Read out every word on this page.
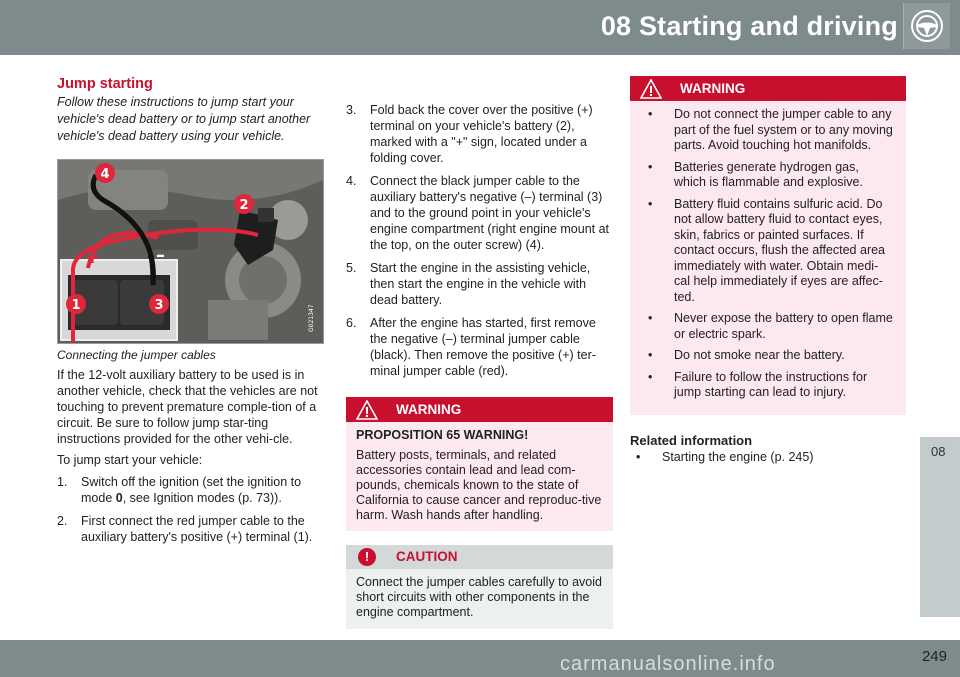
08 Starting and driving
Jump starting
Follow these instructions to jump start your vehicle's dead battery or to jump start another vehicle's dead battery using your vehicle.
+	–
G021347
4
2
1	3
Connecting the jumper cables

If the 12-volt auxiliary battery to be used is in another vehicle, check that the vehicles are not touching to prevent premature comple-tion of a circuit. Be sure to follow jump star-ting instructions provided for the other vehi-cle.

To jump start your vehicle:

1. Switch off the ignition (set the ignition to mode 0, see Ignition modes (p. 73)).
2. First connect the red jumper cable to the auxiliary battery's positive (+) terminal (1).
3. Fold back the cover over the positive (+) terminal on your vehicle's battery (2), marked with a "+" sign, located under a folding cover.
4. Connect the black jumper cable to the auxiliary battery's negative (–) terminal (3) and to the ground point in your vehicle's engine compartment (right engine mount at the top, on the outer screw) (4).
5. Start the engine in the assisting vehicle, then start the engine in the vehicle with dead battery.
6. After the engine has started, first remove the negative (–) terminal jumper cable (black). Then remove the positive (+) ter-minal jumper cable (red).
WARNING
PROPOSITION 65 WARNING!
Battery posts, terminals, and related accessories contain lead and lead com-pounds, chemicals known to the state of California to cause cancer and reproduc-tive harm. Wash hands after handling.
!	CAUTION
Connect the jumper cables carefully to avoid short circuits with other components in the engine compartment.
WARNING
• Do not connect the jumper cable to any part of the fuel system or to any moving parts. Avoid touching hot manifolds.
• Batteries generate hydrogen gas, which is flammable and explosive.
• Battery fluid contains sulfuric acid. Do not allow battery fluid to contact eyes, skin, fabrics or painted surfaces. If contact occurs, flush the affected area immediately with water. Obtain medi-cal help immediately if eyes are affec-ted.
• Never expose the battery to open flame or electric spark.
• Do not smoke near the battery.
• Failure to follow the instructions for jump starting can lead to injury.
Related information
• Starting the engine (p. 245)	08
carmanualsonline.info	249
